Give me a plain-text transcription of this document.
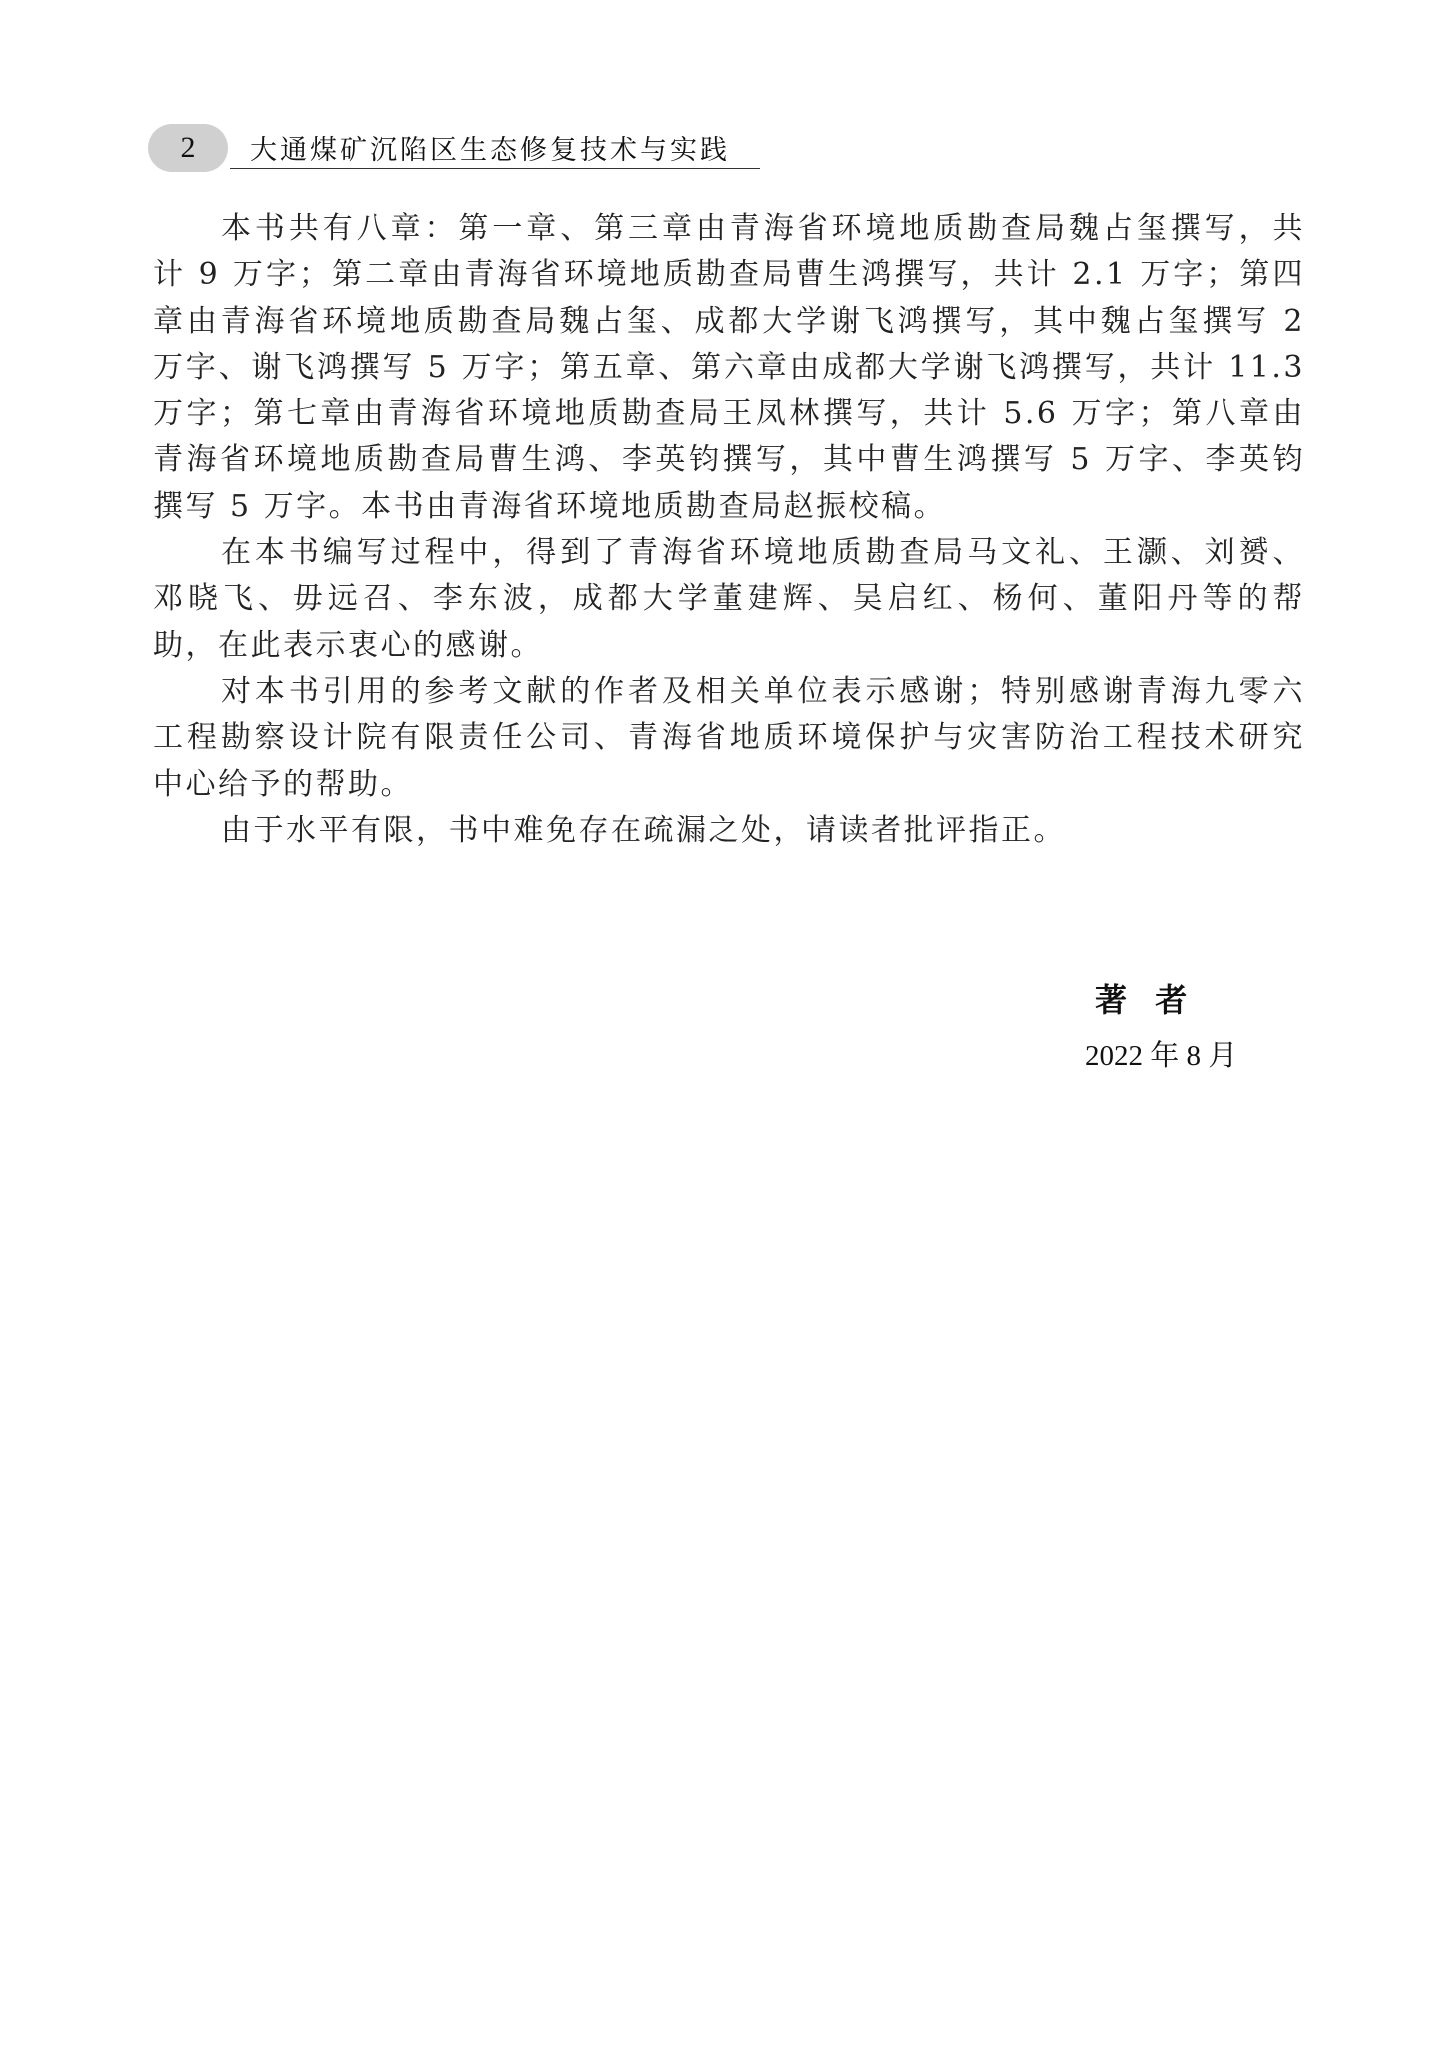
2 大通煤矿沉陷区生态修复技术与实践
本书共有八章：第一章、第三章由青海省环境地质勘查局魏占玺撰写，共
计 9 万字；第二章由青海省环境地质勘查局曹生鸿撰写，共计 2.1 万字；第四
章由青海省环境地质勘查局魏占玺、成都大学谢飞鸿撰写，其中魏占玺撰写 2
万字、谢飞鸿撰写 5 万字；第五章、第六章由成都大学谢飞鸿撰写，共计 11.3
万字；第七章由青海省环境地质勘查局王凤林撰写，共计 5.6 万字；第八章由
青海省环境地质勘查局曹生鸿、李英钧撰写，其中曹生鸿撰写 5 万字、李英钧
撰写 5 万字。本书由青海省环境地质勘查局赵振校稿。
在本书编写过程中，得到了青海省环境地质勘查局马文礼、王灏、刘赟、
邓晓飞、毋远召、李东波，成都大学董建辉、吴启红、杨何、董阳丹等的帮
助，在此表示衷心的感谢。
对本书引用的参考文献的作者及相关单位表示感谢；特别感谢青海九零六
工程勘察设计院有限责任公司、青海省地质环境保护与灾害防治工程技术研究
中心给予的帮助。
由于水平有限，书中难免存在疏漏之处，请读者批评指正。
著  者
2022 年 8 月
